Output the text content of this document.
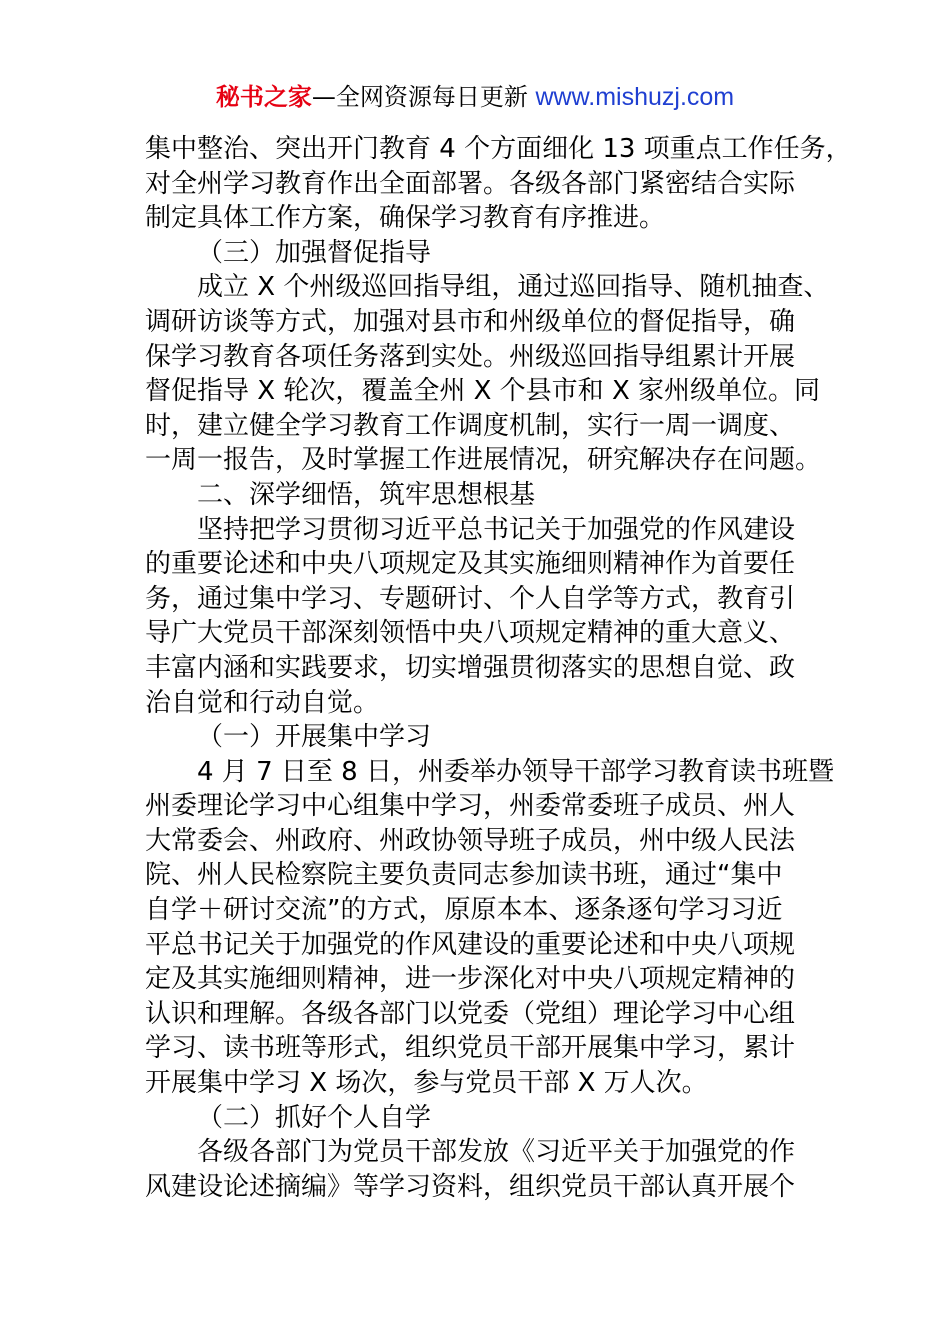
秘书之家—全网资源每日更新 www.mishuzj.com
集中整治、突出开门教育 4 个方面细化 13 项重点工作任务，
对全州学习教育作出全面部署。各级各部门紧密结合实际
制定具体工作方案，确保学习教育有序推进。
（三）加强督促指导
成立 X 个州级巡回指导组，通过巡回指导、随机抽查、
调研访谈等方式，加强对县市和州级单位的督促指导，确
保学习教育各项任务落到实处。州级巡回指导组累计开展
督促指导 X 轮次，覆盖全州 X 个县市和 X 家州级单位。同
时，建立健全学习教育工作调度机制，实行一周一调度、
一周一报告，及时掌握工作进展情况，研究解决存在问题。
二、深学细悟，筑牢思想根基
坚持把学习贯彻习近平总书记关于加强党的作风建设
的重要论述和中央八项规定及其实施细则精神作为首要任
务，通过集中学习、专题研讨、个人自学等方式，教育引
导广大党员干部深刻领悟中央八项规定精神的重大意义、
丰富内涵和实践要求，切实增强贯彻落实的思想自觉、政
治自觉和行动自觉。
（一）开展集中学习
4 月 7 日至 8 日，州委举办领导干部学习教育读书班暨
州委理论学习中心组集中学习，州委常委班子成员、州人
大常委会、州政府、州政协领导班子成员，州中级人民法
院、州人民检察院主要负责同志参加读书班，通过“集中
自学＋研讨交流”的方式，原原本本、逐条逐句学习习近
平总书记关于加强党的作风建设的重要论述和中央八项规
定及其实施细则精神，进一步深化对中央八项规定精神的
认识和理解。各级各部门以党委（党组）理论学习中心组
学习、读书班等形式，组织党员干部开展集中学习，累计
开展集中学习 X 场次，参与党员干部 X 万人次。
（二）抓好个人自学
各级各部门为党员干部发放《习近平关于加强党的作
风建设论述摘编》等学习资料，组织党员干部认真开展个
